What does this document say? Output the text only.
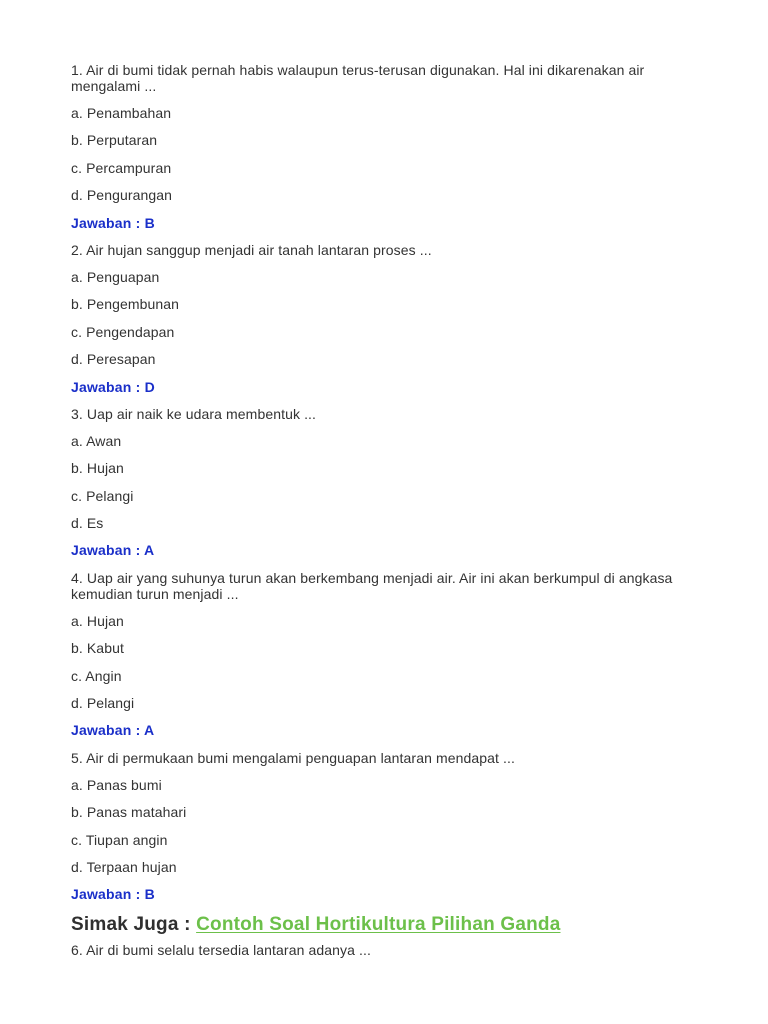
1. Air di bumi tidak pernah habis walaupun terus-terusan digunakan. Hal ini dikarenakan air mengalami ...

a. Penambahan

b. Perputaran

c. Percampuran

d. Pengurangan

Jawaban : B

2. Air hujan sanggup menjadi air tanah lantaran proses ...

a. Penguapan

b. Pengembunan

c. Pengendapan

d. Peresapan

Jawaban : D

3. Uap air naik ke udara membentuk ...

a. Awan

b. Hujan

c. Pelangi

d. Es

Jawaban : A

4. Uap air yang suhunya turun akan berkembang menjadi air. Air ini akan berkumpul di angkasa kemudian turun menjadi ...

a. Hujan

b. Kabut

c. Angin

d. Pelangi

Jawaban : A

5. Air di permukaan bumi mengalami penguapan lantaran mendapat ...

a. Panas bumi

b. Panas matahari

c. Tiupan angin

d. Terpaan hujan

Jawaban : B

Simak Juga : Contoh Soal Hortikultura Pilihan Ganda

6. Air di bumi selalu tersedia lantaran adanya ...
